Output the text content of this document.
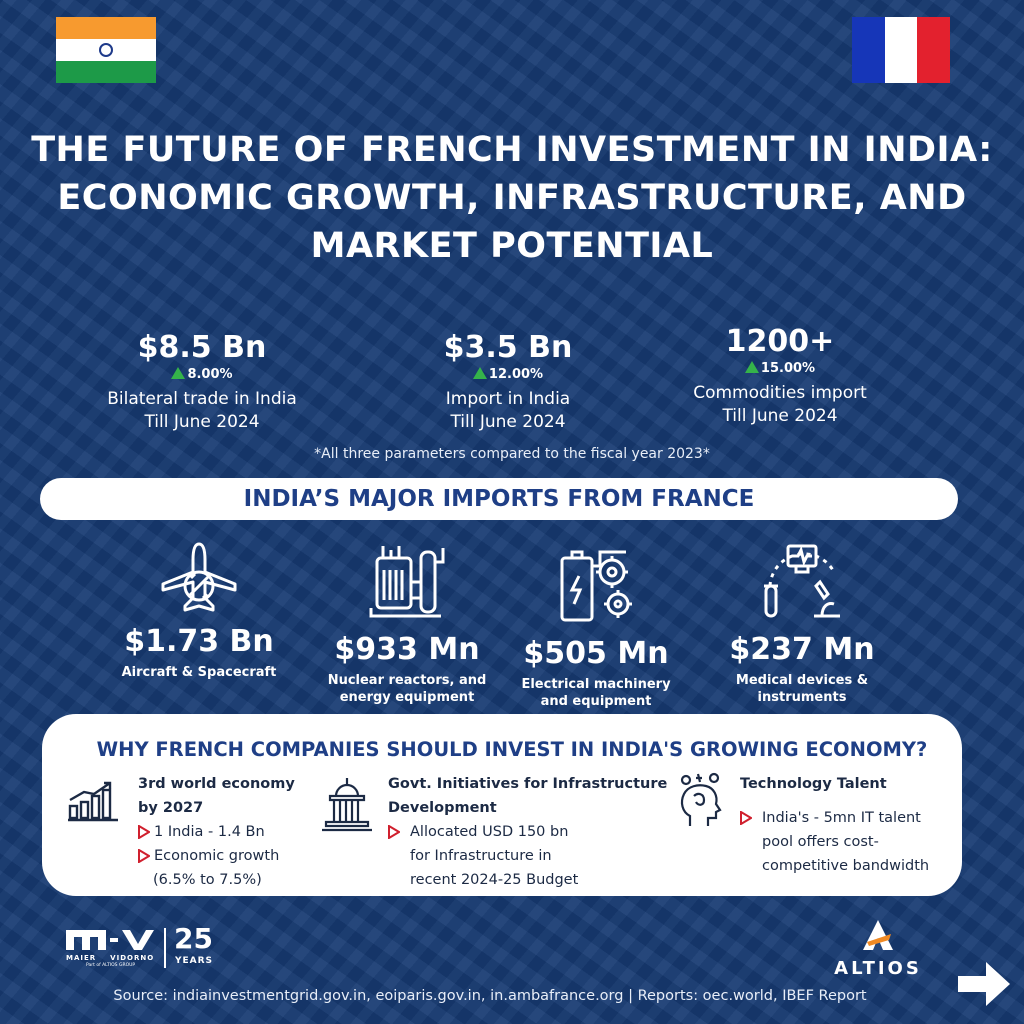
THE FUTURE OF FRENCH INVESTMENT IN INDIA:
ECONOMIC GROWTH, INFRASTRUCTURE, AND
MARKET POTENTIAL
$8.5 Bn
8.00%
Bilateral trade in India
Till June 2024
$3.5 Bn
12.00%
Import in India
Till June 2024
1200+
15.00%
Commodities import
Till June 2024
*All three parameters compared to the fiscal year 2023*
INDIA’S MAJOR IMPORTS FROM FRANCE
$1.73 Bn
Aircraft & Spacecraft
$933 Mn
Nuclear reactors, and
energy equipment
$505 Mn
Electrical machinery
and equipment
$237 Mn
Medical devices &
instruments
WHY FRENCH COMPANIES SHOULD INVEST IN INDIA'S GROWING ECONOMY?
3rd world economy
by 2027
1 India - 1.4 Bn
Economic growth
(6.5% to 7.5%)
Govt. Initiatives for Infrastructure
Development
Allocated USD 150 bn
for Infrastructure in
recent 2024-25 Budget
Technology Talent
India's - 5mn IT talent
pool offers cost-
competitive bandwidth
MAIER VIDORNO
Part of ALTIOS GROUP
25
YEARS	ALTIOS
Source: indiainvestmentgrid.gov.in, eoiparis.gov.in, in.ambafrance.org | Reports: oec.world, IBEF Report
